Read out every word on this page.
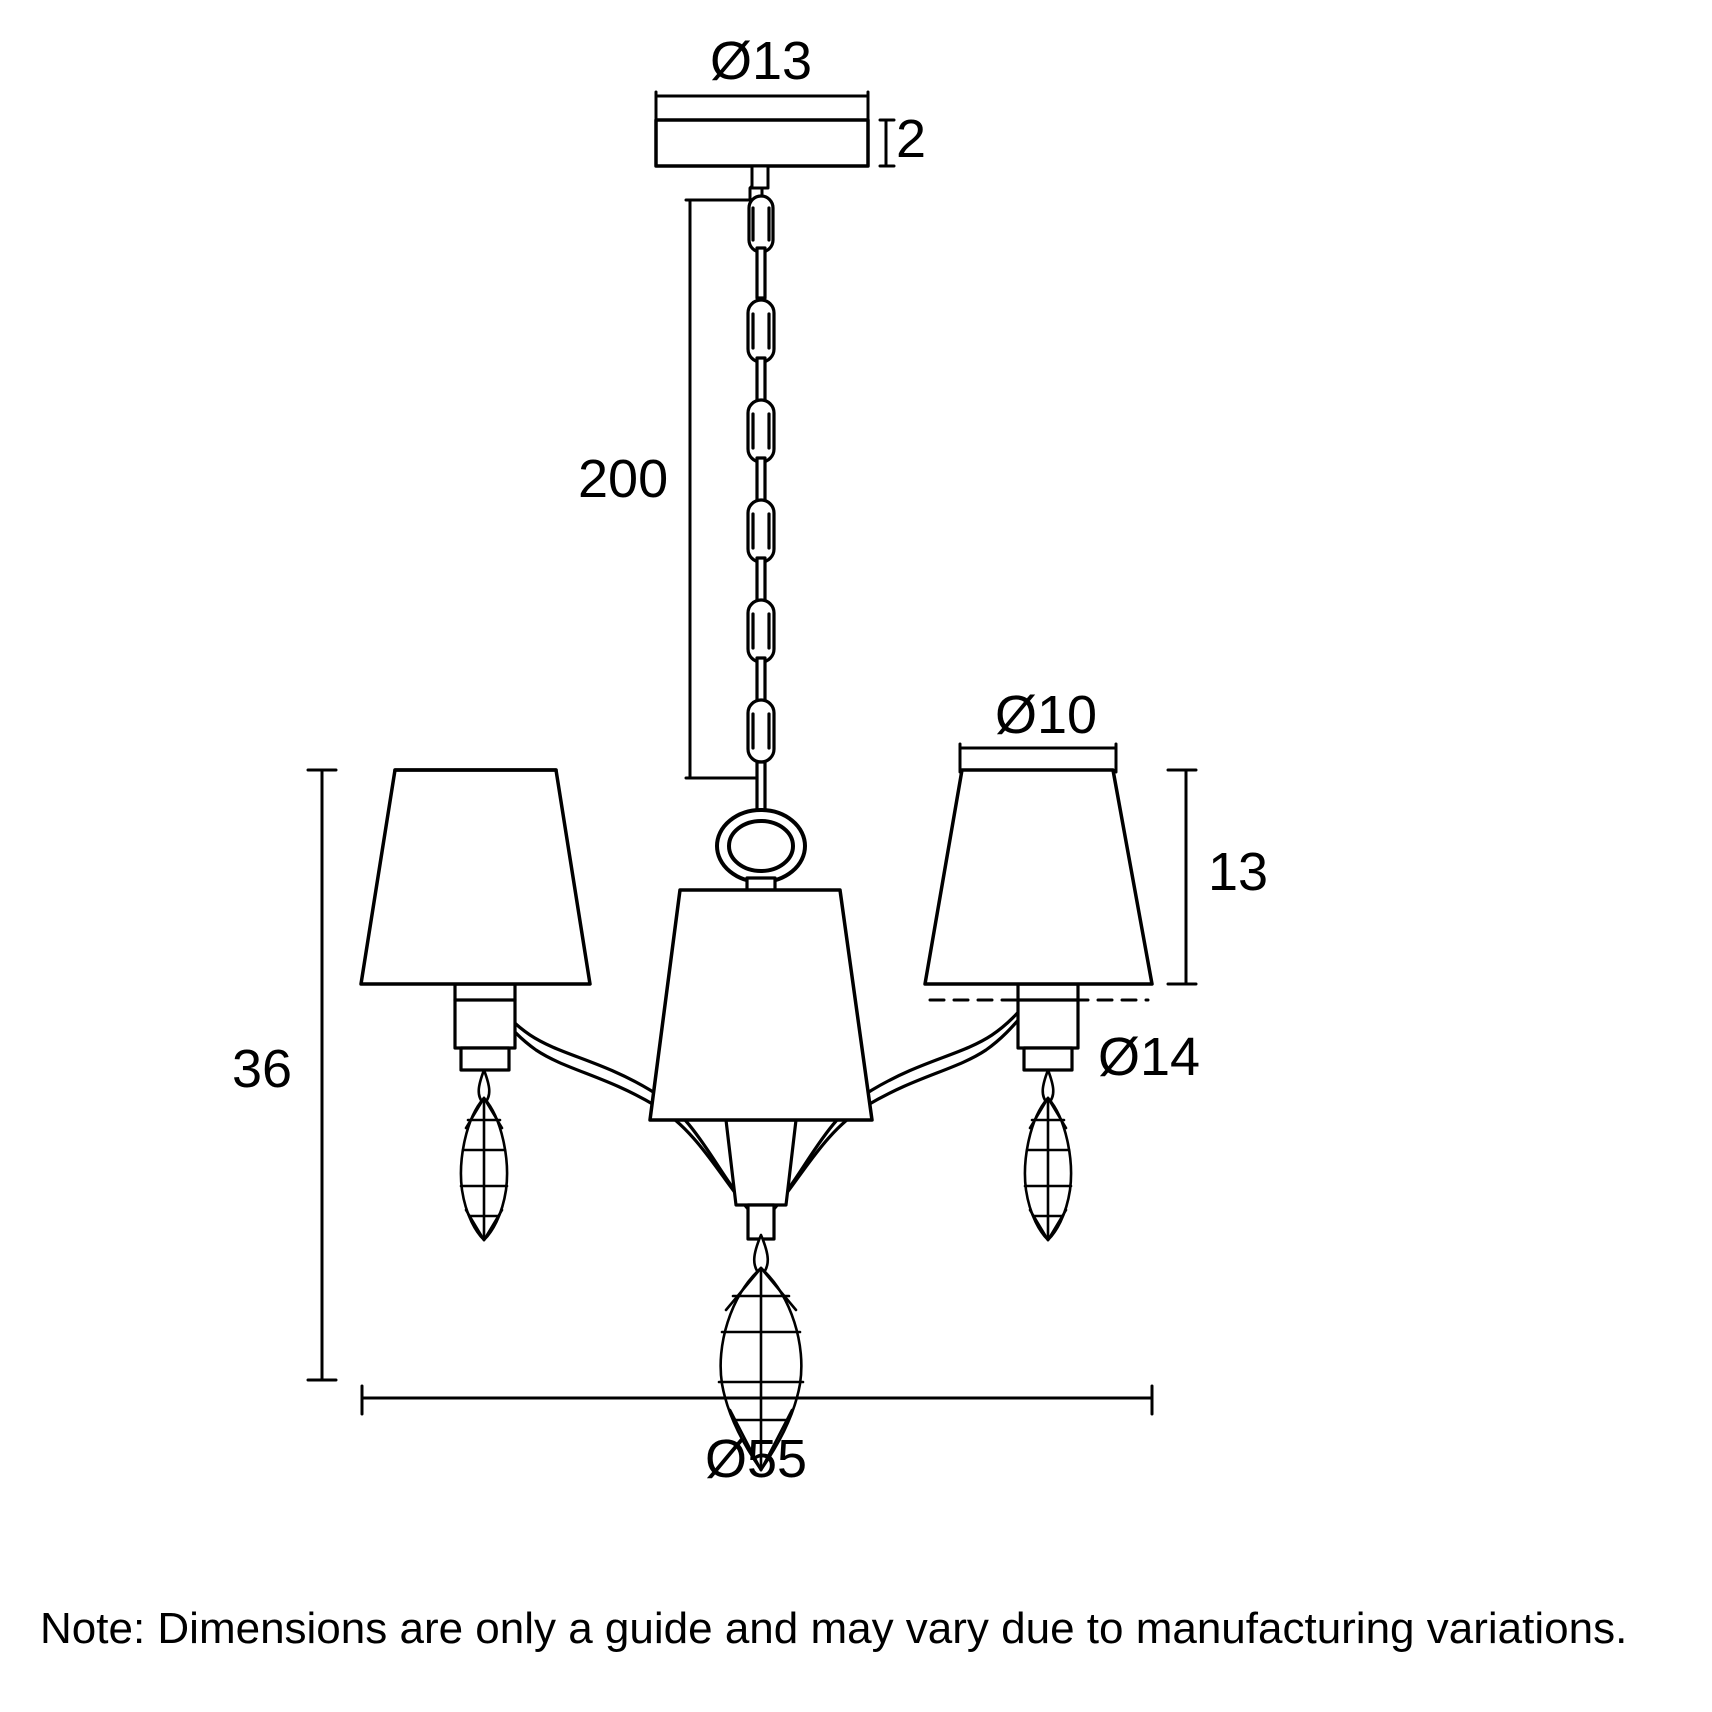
Ø13
2
200
Ø10
13
Ø14
36
Ø55
Note: Dimensions are only a guide and may vary due to manufacturing variations.
